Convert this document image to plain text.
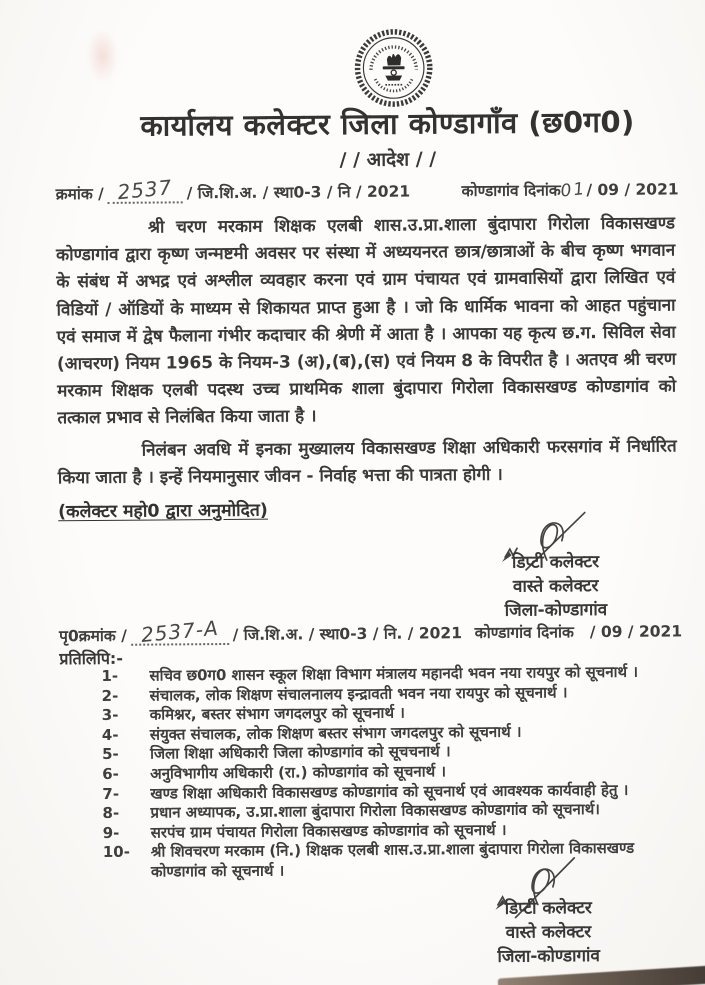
कार्यालय कलेक्टर जिला कोण्डागाँव (छ0ग0)
/ / आदेश / /
क्रमांक / 2537 / जि.शि.अ. / स्था0-3 / नि / 2021	कोण्डागांव दिनांक01/ 09 / 2021
श्री चरण मरकाम शिक्षक एलबी शास.उ.प्रा.शाला बुंदापारा गिरोला विकासखण्ड कोण्डागांव द्वारा कृष्ण जन्मष्टमी अवसर पर संस्था में अध्ययनरत छात्र/छात्राओं के बीच कृष्ण भगवान के संबंध में अभद्र एवं अश्लील व्यवहार करना एवं ग्राम पंचायत एवं ग्रामवासियों द्वारा लिखित एवं विडियों / ऑडियों के माध्यम से शिकायत प्राप्त हुआ है । जो कि धार्मिक भावना को आहत पहुंचाना एवं समाज में द्वेष फैलाना गंभीर कदाचार की श्रेणी में आता है । आपका यह कृत्य छ.ग. सिविल सेवा (आचरण) नियम 1965 के नियम-3 (अ),(ब),(स) एवं नियम 8 के विपरीत है । अतएव श्री चरण मरकाम शिक्षक एलबी पदस्थ उच्च प्राथमिक शाला बुंदापारा गिरोला विकासखण्ड कोण्डागांव को तत्काल प्रभाव से निलंबित किया जाता है ।
निलंबन अवधि में इनका मुख्यालय विकासखण्ड शिक्षा अधिकारी फरसगांव में निर्धारित किया जाता है । इन्हें नियमानुसार जीवन - निर्वाह भत्ता की पात्रता होगी ।
(कलेक्टर महो0 द्वारा अनुमोदित)
डिप्टी कलेक्टर
वास्ते कलेक्टर
जिला-कोण्डागांव
पृ0क्रमांक / 2537-A / जि.शि.अ. / स्था0-3 / नि. / 2021 कोण्डागांव दिनांक / 09 / 2021
प्रतिलिपि:-
1-	सचिव छ0ग0 शासन स्कूल शिक्षा विभाग मंत्रालय महानदी भवन नया रायपुर को सूचनार्थ ।
2-	संचालक, लोक शिक्षण संचालनालय इन्द्रावती भवन नया रायपुर को सूचनार्थ ।
3-	कमिश्नर, बस्तर संभाग जगदलपुर को सूचनार्थ ।
4-	संयुक्त संचालक, लोक शिक्षण बस्तर संभाग जगदलपुर को सूचनार्थ ।
5-	जिला शिक्षा अधिकारी जिला कोण्डागांव को सूचचनार्थ ।
6-	अनुविभागीय अधिकारी (रा.) कोण्डागांव को सूचनार्थ ।
7-	खण्ड शिक्षा अधिकारी विकासखण्ड कोण्डागांव को सूचनार्थ एवं आवश्यक कार्यवाही हेतु ।
8-	प्रधान अध्यापक, उ.प्रा.शाला बुंदापारा गिरोला विकासखण्ड कोण्डागांव को सूचनार्थ।
9-	सरपंच ग्राम पंचायत गिरोला विकासखण्ड कोण्डागांव को सूचनार्थ ।
10-	श्री शिवचरण मरकाम (नि.) शिक्षक एलबी शास.उ.प्रा.शाला बुंदापारा गिरोला विकासखण्ड कोण्डागांव को सूचनार्थ ।
डिप्टी कलेक्टर
वास्ते कलेक्टर
जिला-कोण्डागांव
